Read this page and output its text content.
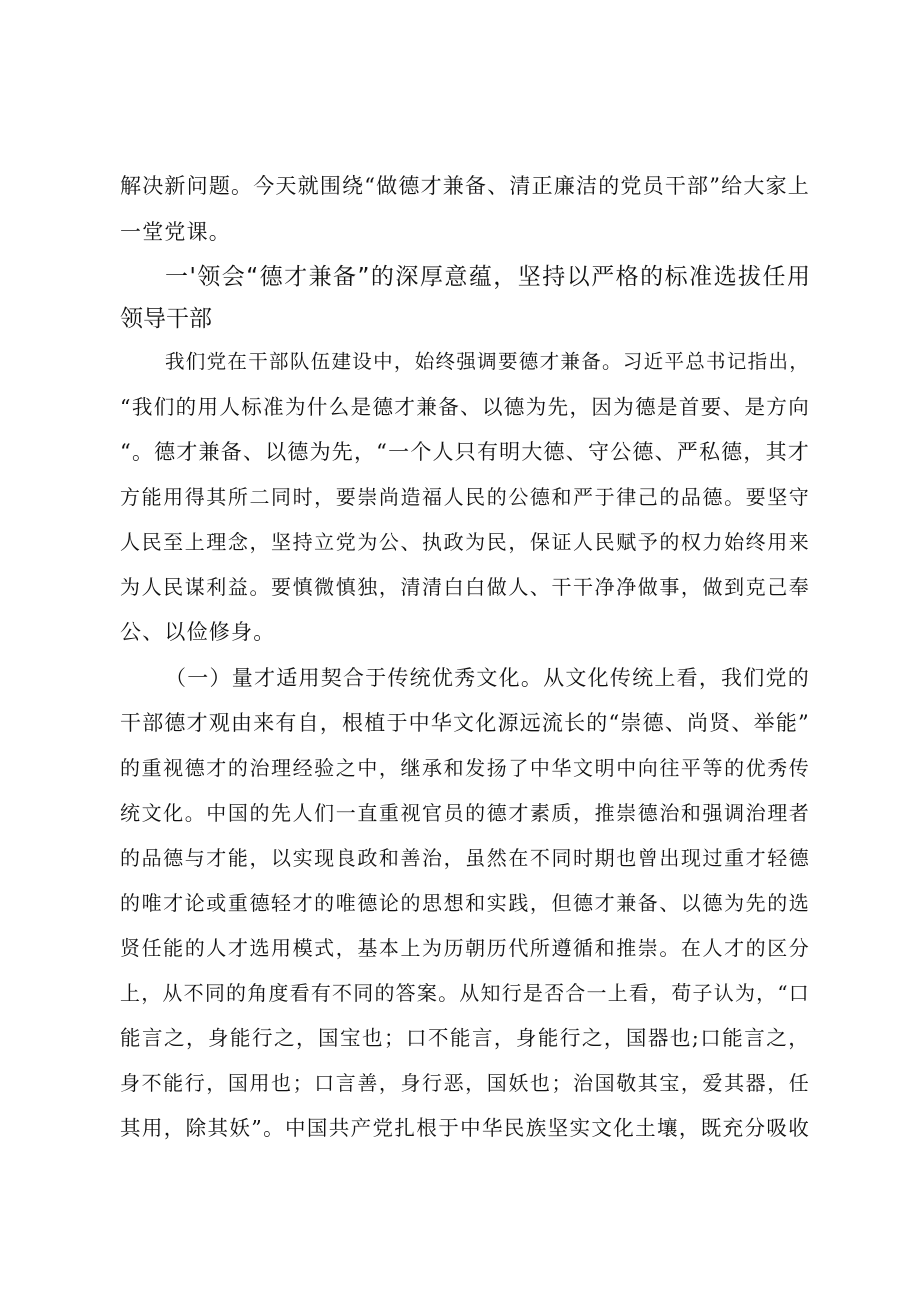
解决新问题。今天就围绕“做德才兼备、清正廉洁的党员干部”给大家上
一堂党课。
一'领会“德才兼备”的深厚意蕴，坚持以严格的标准选拔任用
领导干部
我们党在干部队伍建设中，始终强调要德才兼备。习近平总书记指出，
“我们的用人标准为什么是德才兼备、以德为先，因为德是首要、是方向
“。德才兼备、以德为先，“一个人只有明大德、守公德、严私德，其才
方能用得其所二同时，要崇尚造福人民的公德和严于律己的品德。要坚守
人民至上理念，坚持立党为公、执政为民，保证人民赋予的权力始终用来
为人民谋利益。要慎微慎独，清清白白做人、干干净净做事，做到克己奉
公、以俭修身。
（一）量才适用契合于传统优秀文化。从文化传统上看，我们党的
干部德才观由来有自，根植于中华文化源远流长的“崇德、尚贤、举能”
的重视德才的治理经验之中，继承和发扬了中华文明中向往平等的优秀传
统文化。中国的先人们一直重视官员的德才素质，推崇德治和强调治理者
的品德与才能，以实现良政和善治，虽然在不同时期也曾出现过重才轻德
的唯才论或重德轻才的唯德论的思想和实践，但德才兼备、以德为先的选
贤任能的人才选用模式，基本上为历朝历代所遵循和推崇。在人才的区分
上，从不同的角度看有不同的答案。从知行是否合一上看，荀子认为，“口
能言之，身能行之，国宝也；口不能言，身能行之，国器也;口能言之，
身不能行，国用也；口言善，身行恶，国妖也；治国敬其宝，爱其器，任
其用，除其妖”。中国共产党扎根于中华民族坚实文化土壤，既充分吸收
